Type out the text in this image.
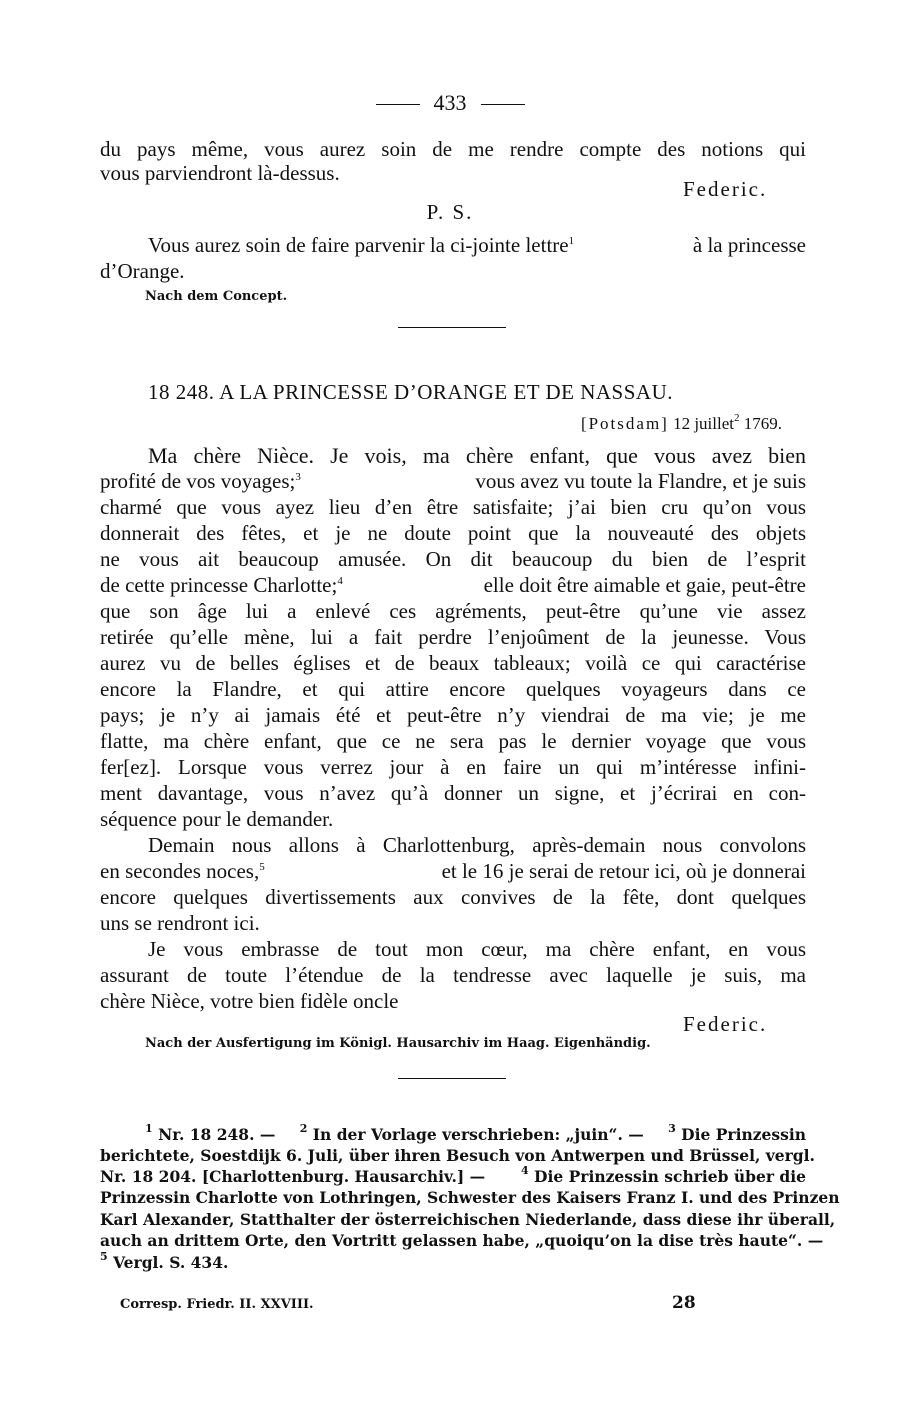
433
du pays même, vous aurez soin de me rendre compte des notions qui
vous parviendront là-dessus.
Federic.
P. S.
Vous aurez soin de faire parvenir la ci-jointe lettre$^1$	à la princesse
d’Orange.
Nach dem Concept.
18 248. A LA PRINCESSE D’ORANGE ET DE NASSAU.
[Potsdam] 12 juillet$^2$ 1769.
Ma chère Nièce. Je vois, ma chère enfant, que vous avez bien
profité de vos voyages;$^3$	vous avez vu toute la Flandre, et je suis
charmé que vous ayez lieu d’en être satisfaite; j’ai bien cru qu’on vous
donnerait des fêtes, et je ne doute point que la nouveauté des objets
ne vous ait beaucoup amusée. On dit beaucoup du bien de l’esprit
de cette princesse Charlotte;$^4$	elle doit être aimable et gaie, peut-être
que son âge lui a enlevé ces agréments, peut-être qu’une vie assez
retirée qu’elle mène, lui a fait perdre l’enjoûment de la jeunesse. Vous
aurez vu de belles églises et de beaux tableaux; voilà ce qui caractérise
encore la Flandre, et qui attire encore quelques voyageurs dans ce
pays; je n’y ai jamais été et peut-être n’y viendrai de ma vie; je me
flatte, ma chère enfant, que ce ne sera pas le dernier voyage que vous
fer[ez]. Lorsque vous verrez jour à en faire un qui m’intéresse infini-
ment davantage, vous n’avez qu’à donner un signe, et j’écrirai en con-
séquence pour le demander.
Demain nous allons à Charlottenburg, après-demain nous convolons
en secondes noces,$^5$	et le 16 je serai de retour ici, où je donnerai
encore quelques divertissements aux convives de la fête, dont quelques
uns se rendront ici.
Je vous embrasse de tout mon cœur, ma chère enfant, en vous
assurant de toute l’étendue de la tendresse avec laquelle je suis, ma
chère Nièce, votre bien fidèle oncle
Federic.
Nach der Ausfertigung im Königl. Hausarchiv im Haag. Eigenhändig.
$^1$ Nr. 18 248. — $^2$ In der Vorlage verschrieben: „juin“. — $^3$ Die Prinzessin
berichtete, Soestdijk 6. Juli, über ihren Besuch von Antwerpen und Brüssel, vergl.
Nr. 18 204. [Charlottenburg. Hausarchiv.] —	$^4$ Die Prinzessin schrieb über die
Prinzessin Charlotte von Lothringen, Schwester des Kaisers Franz I. und des Prinzen
Karl Alexander, Statthalter der österreichischen Niederlande, dass diese ihr überall,
auch an drittem Orte, den Vortritt gelassen habe, „quoiqu’on la dise très haute“. —
$^5$ Vergl. S. 434.
Corresp. Friedr. II. XXVIII.	28
